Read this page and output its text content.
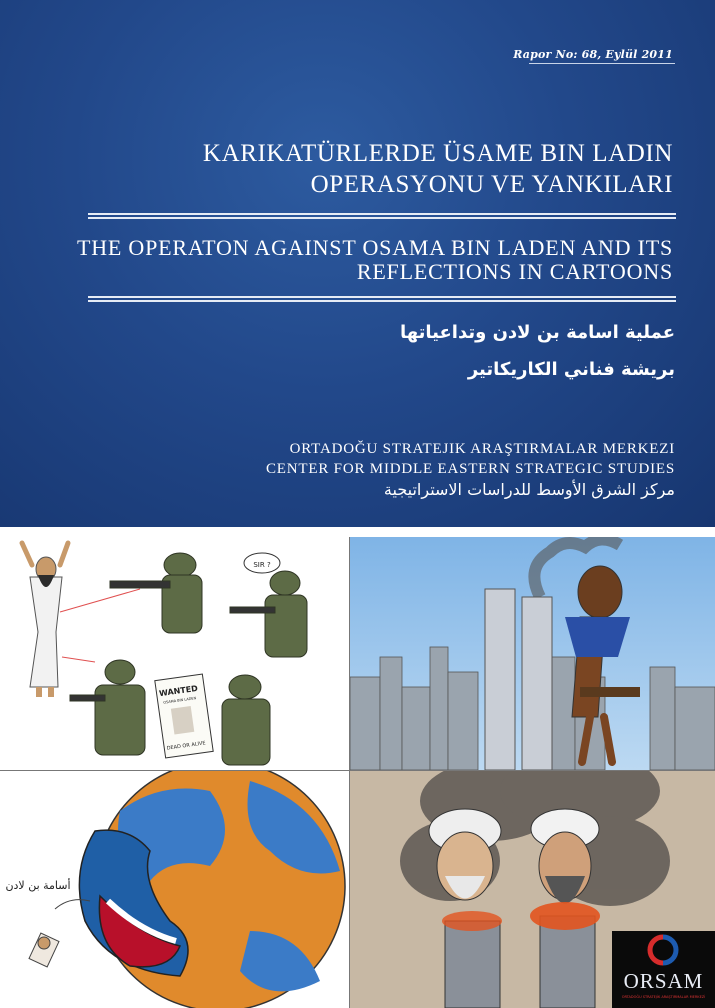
Rapor No: 68, Eylül 2011
KARIKATÜRLERDE ÜSAME BIN LADIN
OPERASYONU VE YANKILARI
THE OPERATON AGAINST OSAMA BIN LADEN AND ITS
REFLECTIONS IN CARTOONS
عملية اسامة بن لادن وتداعياتها
بريشة فناني الكاريكاتير
ORTADOĞU STRATEJIK ARAŞTIRMALAR MERKEZI
CENTER FOR MIDDLE EASTERN STRATEGIC STUDIES
مركز الشرق الأوسط للدراسات الاستراتيجية
SIR ?
WANTED
OSAMA BIN LADEN
DEAD OR ALIVE
أسامة بن لادن
ORSAM
ORTADOĞU STRATEJİK ARAŞTIRMALAR MERKEZİ
